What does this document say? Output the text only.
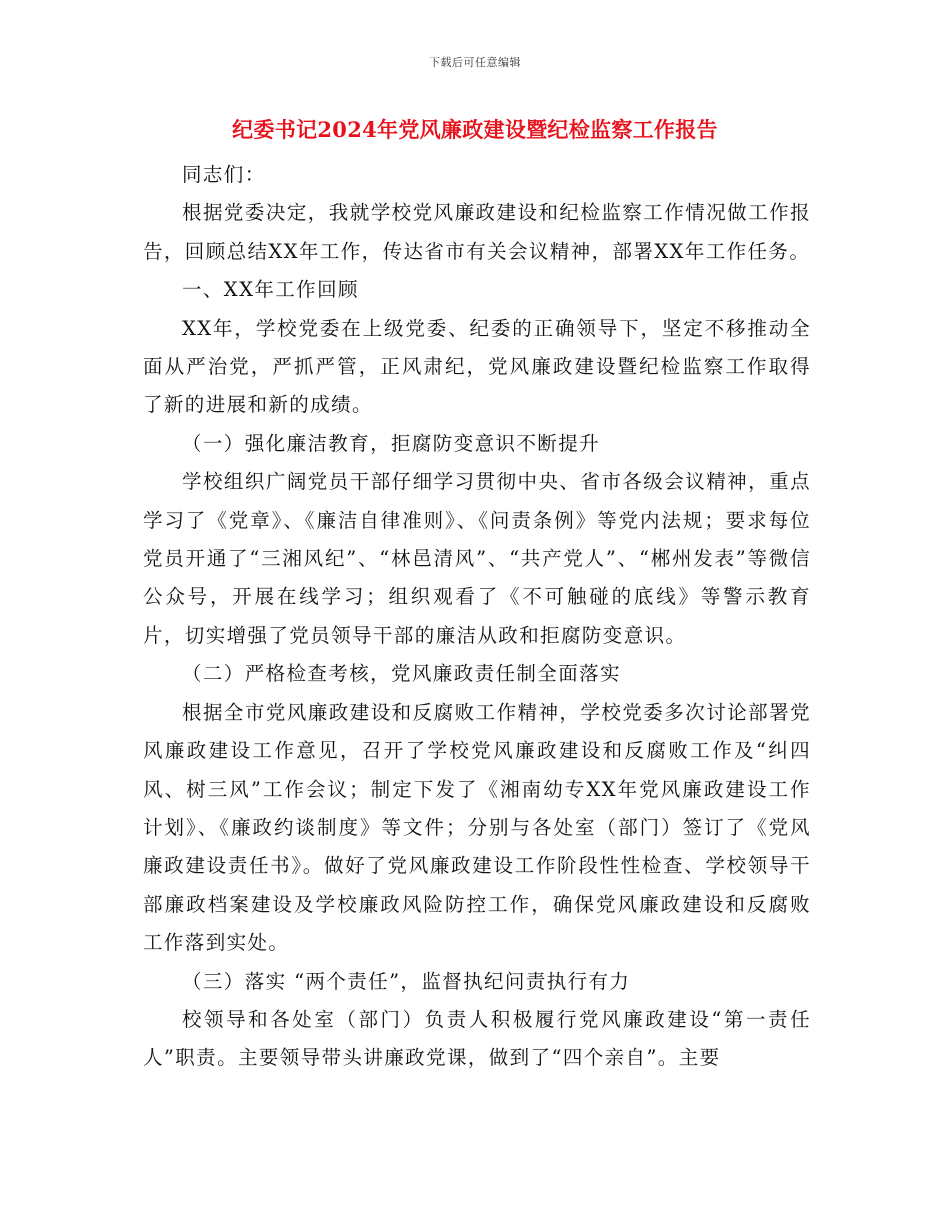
下载后可任意编辑
纪委书记2024年党风廉政建设暨纪检监察工作报告

同志们：

根据党委决定，我就学校党风廉政建设和纪检监察工作情况做工作报告，回顾总结XX年工作，传达省市有关会议精神，部署XX年工作任务。

一、XX年工作回顾

XX年，学校党委在上级党委、纪委的正确领导下，坚定不移推动全面从严治党，严抓严管，正风肃纪，党风廉政建设暨纪检监察工作取得了新的进展和新的成绩。

（一）强化廉洁教育，拒腐防变意识不断提升

学校组织广阔党员干部仔细学习贯彻中央、省市各级会议精神，重点学习了《党章》、《廉洁自律准则》、《问责条例》等党内法规；要求每位党员开通了“三湘风纪”、“林邑清风”、“共产党人”、“郴州发表”等微信公众号，开展在线学习；组织观看了《不可触碰的底线》等警示教育片，切实增强了党员领导干部的廉洁从政和拒腐防变意识。

（二）严格检查考核，党风廉政责任制全面落实

根据全市党风廉政建设和反腐败工作精神，学校党委多次讨论部署党风廉政建设工作意见，召开了学校党风廉政建设和反腐败工作及“纠四风、树三风”工作会议；制定下发了《湘南幼专XX年党风廉政建设工作计划》、《廉政约谈制度》等文件；分别与各处室（部门）签订了《党风廉政建设责任书》。做好了党风廉政建设工作阶段性性检查、学校领导干部廉政档案建设及学校廉政风险防控工作，确保党风廉政建设和反腐败工作落到实处。

（三）落实 “两个责任”，监督执纪问责执行有力

校领导和各处室（部门）负责人积极履行党风廉政建设“第一责任人”职责。主要领导带头讲廉政党课，做到了“四个亲自”。主要
